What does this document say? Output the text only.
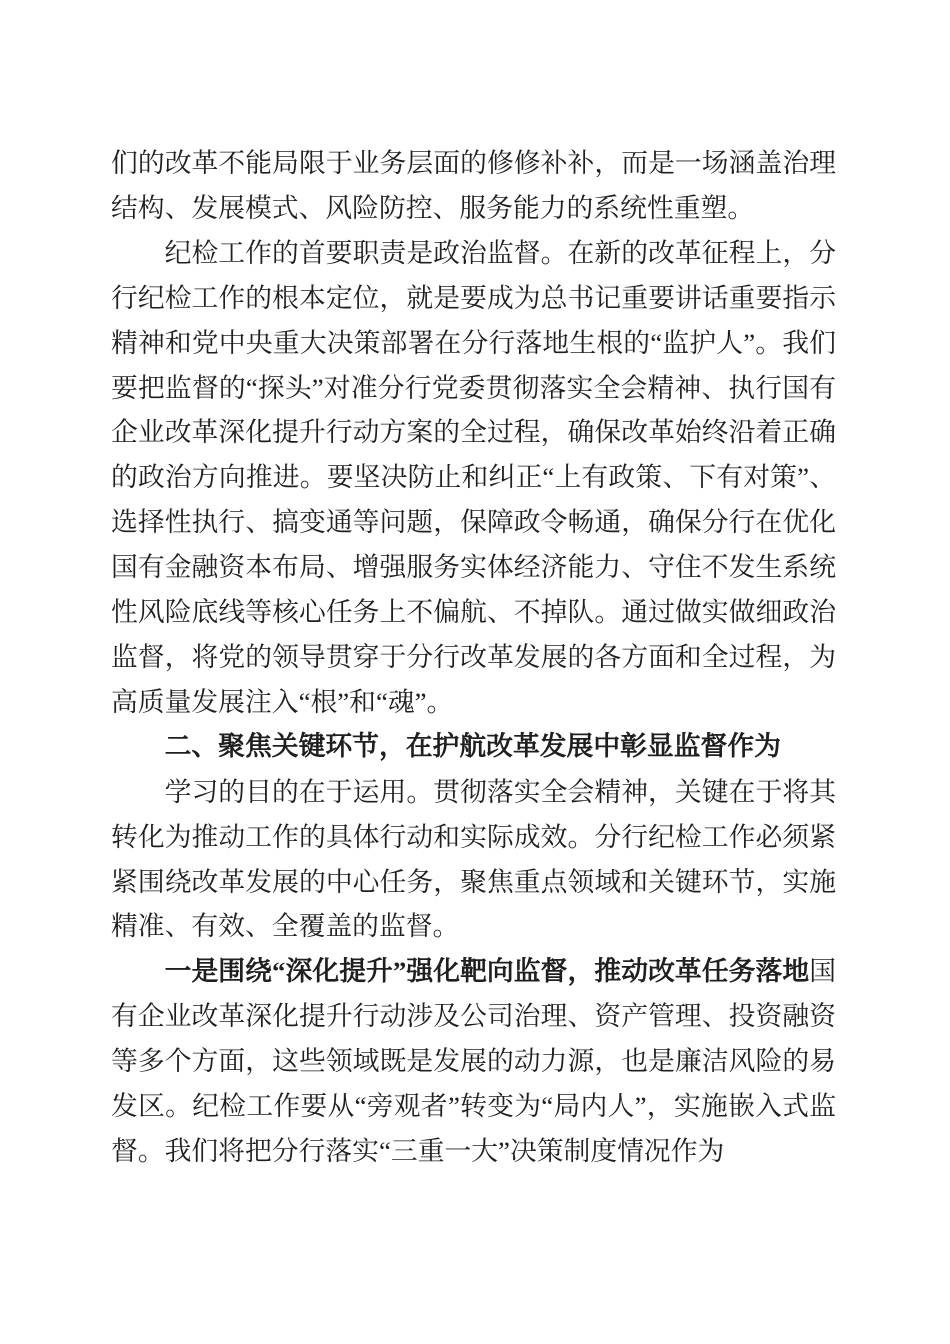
们的改革不能局限于业务层面的修修补补，而是一场涵盖治理结构、发展模式、风险防控、服务能力的系统性重塑。

纪检工作的首要职责是政治监督。在新的改革征程上，分行纪检工作的根本定位，就是要成为总书记重要讲话重要指示精神和党中央重大决策部署在分行落地生根的“监护人”。我们要把监督的“探头”对准分行党委贯彻落实全会精神、执行国有企业改革深化提升行动方案的全过程，确保改革始终沿着正确的政治方向推进。要坚决防止和纠正“上有政策、下有对策”、选择性执行、搞变通等问题，保障政令畅通，确保分行在优化国有金融资本布局、增强服务实体经济能力、守住不发生系统性风险底线等核心任务上不偏航、不掉队。通过做实做细政治监督，将党的领导贯穿于分行改革发展的各方面和全过程，为高质量发展注入“根”和“魂”。

二、聚焦关键环节，在护航改革发展中彰显监督作为

学习的目的在于运用。贯彻落实全会精神，关键在于将其转化为推动工作的具体行动和实际成效。分行纪检工作必须紧紧围绕改革发展的中心任务，聚焦重点领域和关键环节，实施精准、有效、全覆盖的监督。

一是围绕“深化提升”强化靶向监督，推动改革任务落地国有企业改革深化提升行动涉及公司治理、资产管理、投资融资等多个方面，这些领域既是发展的动力源，也是廉洁风险的易发区。纪检工作要从“旁观者”转变为“局内人”，实施嵌入式监督。我们将把分行落实“三重一大”决策制度情况作为
